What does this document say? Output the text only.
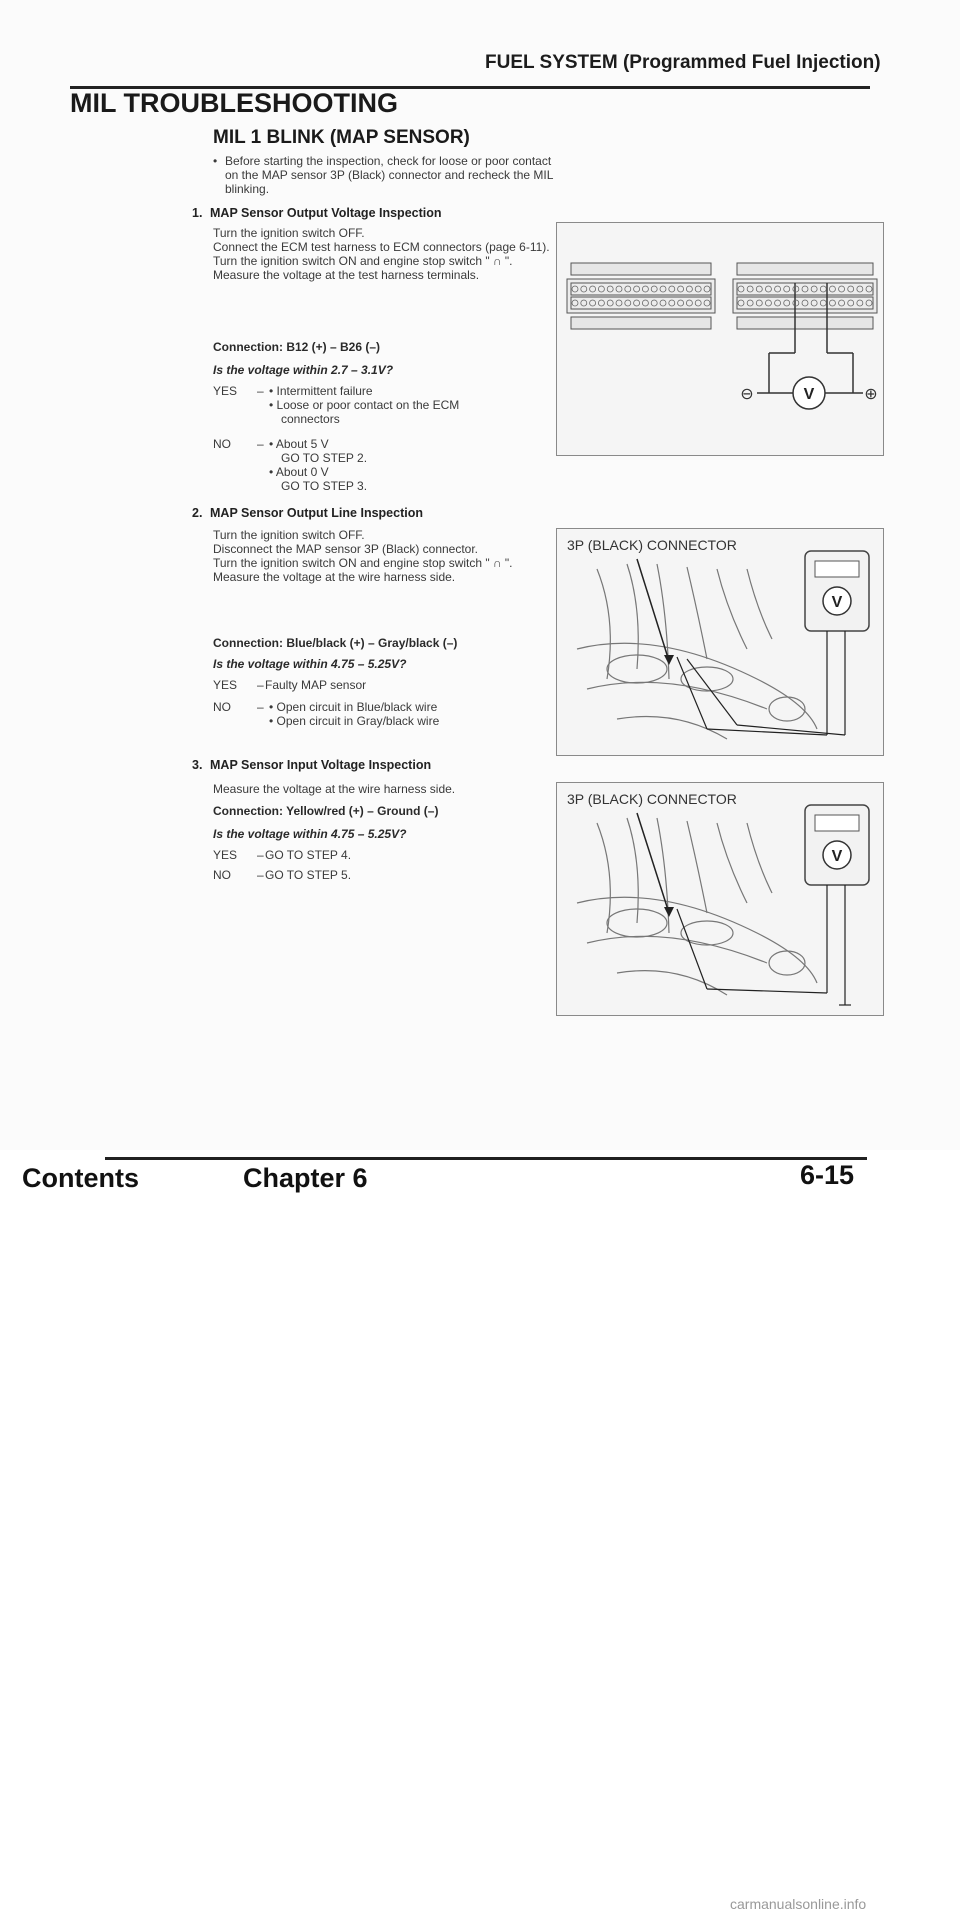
FUEL SYSTEM (Programmed Fuel Injection)
MIL TROUBLESHOOTING
MIL 1 BLINK (MAP SENSOR)
• Before starting the inspection, check for loose or poor contact on the MAP sensor 3P (Black) connector and recheck the MIL blinking.
1. MAP Sensor Output Voltage Inspection
Turn the ignition switch OFF.
Connect the ECM test harness to ECM connectors (page 6-11).
Turn the ignition switch ON and engine stop switch " ∩ ".
Measure the voltage at the test harness terminals.
Connection: B12 (+) – B26 (–)
Is the voltage within 2.7 – 3.1V?
YES	– • Intermittent failure
• Loose or poor contact on the ECM
connectors
NO	– • About 5 V
GO TO STEP 2.
• About 0 V
GO TO STEP 3.
2. MAP Sensor Output Line Inspection
Turn the ignition switch OFF.
Disconnect the MAP sensor 3P (Black) connector.
Turn the ignition switch ON and engine stop switch " ∩ ".
Measure the voltage at the wire harness side.
Connection: Blue/black (+) – Gray/black (–)
Is the voltage within 4.75 – 5.25V?
YES	– Faulty MAP sensor
NO	– • Open circuit in Blue/black wire
• Open circuit in Gray/black wire
3. MAP Sensor Input Voltage Inspection
Measure the voltage at the wire harness side.
Connection: Yellow/red (+) – Ground (–)
Is the voltage within 4.75 – 5.25V?
YES	– GO TO STEP 4.
NO	– GO TO STEP 5.
V
⊖	⊕
3P (BLACK) CONNECTOR
V
3P (BLACK) CONNECTOR
V
Contents	Chapter 6	6-15
carmanualsonline.info
